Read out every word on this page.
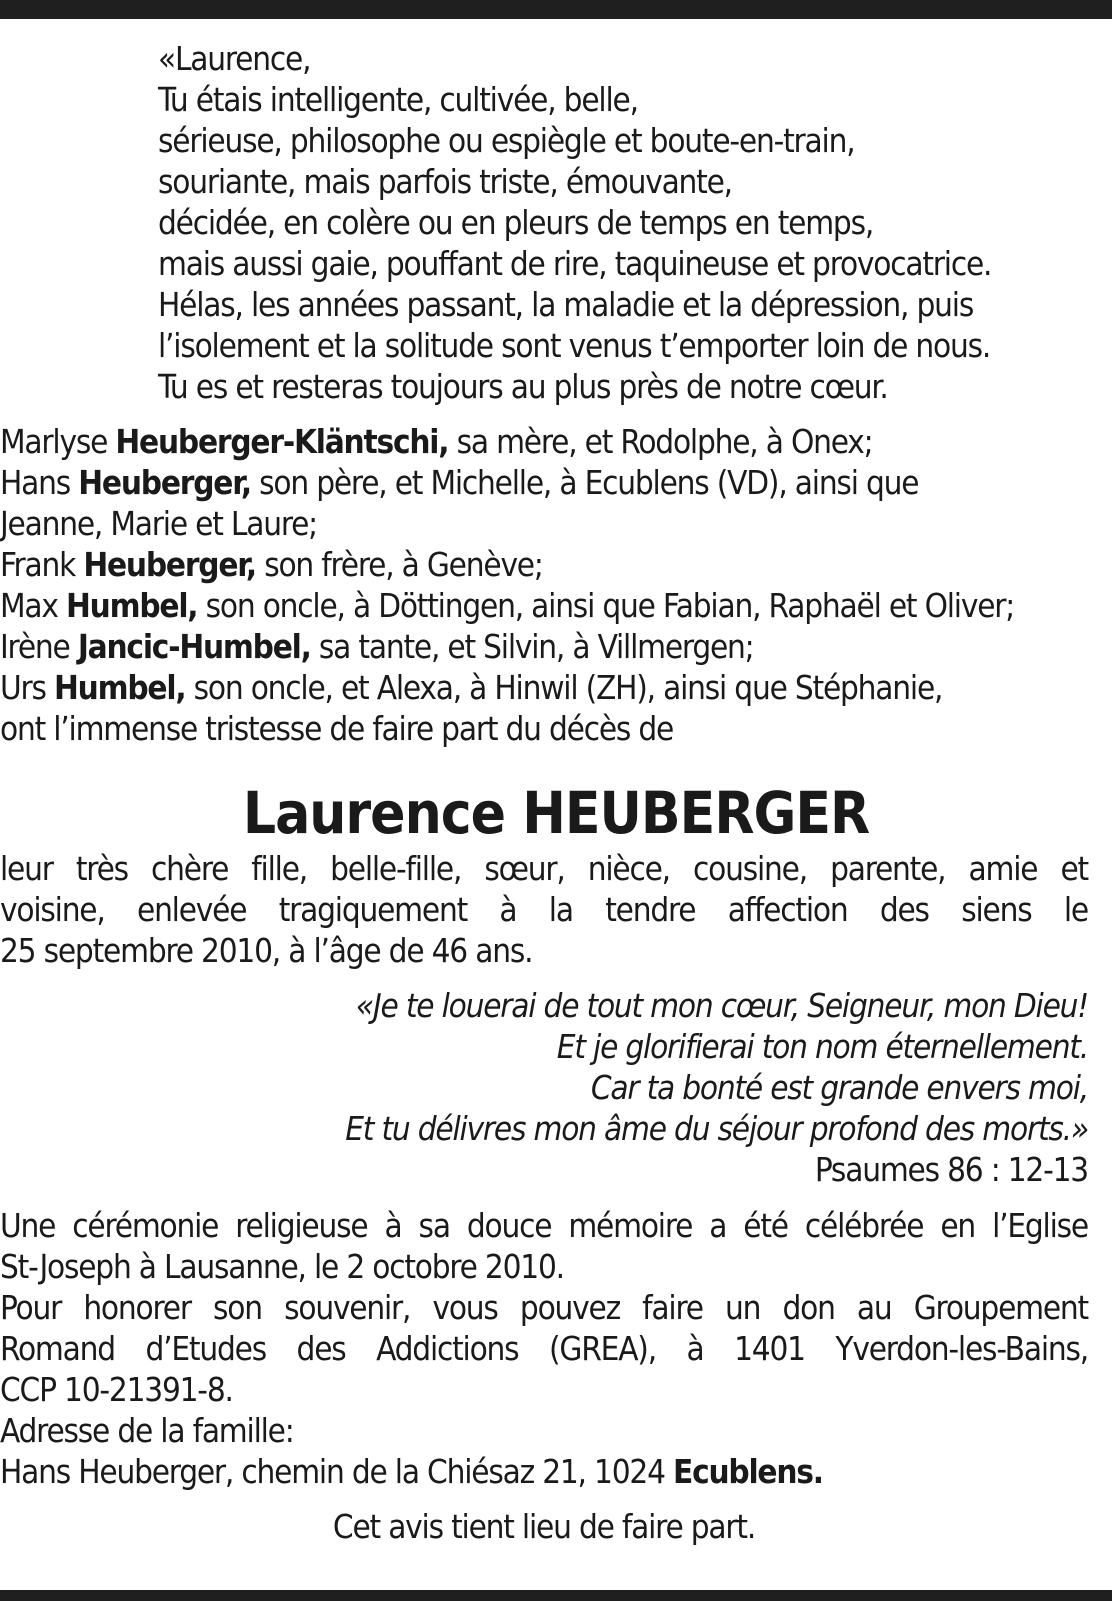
«Laurence,
Tu étais intelligente, cultivée, belle,
sérieuse, philosophe ou espiègle et boute-en-train,
souriante, mais parfois triste, émouvante,
décidée, en colère ou en pleurs de temps en temps,
mais aussi gaie, pouffant de rire, taquineuse et provocatrice.
Hélas, les années passant, la maladie et la dépression, puis
l’isolement et la solitude sont venus t’emporter loin de nous.
Tu es et resteras toujours au plus près de notre cœur.
Marlyse Heuberger-Kläntschi, sa mère, et Rodolphe, à Onex;
Hans Heuberger, son père, et Michelle, à Ecublens (VD), ainsi que
Jeanne, Marie et Laure;
Frank Heuberger, son frère, à Genève;
Max Humbel, son oncle, à Döttingen, ainsi que Fabian, Raphaël et Oliver;
Irène Jancic-Humbel, sa tante, et Silvin, à Villmergen;
Urs Humbel, son oncle, et Alexa, à Hinwil (ZH), ainsi que Stéphanie,
ont l’immense tristesse de faire part du décès de
Laurence HEUBERGER
leur très chère fille, belle-fille, sœur, nièce, cousine, parente, amie et
voisine, enlevée tragiquement à la tendre affection des siens le
25 septembre 2010, à l’âge de 46 ans.
«Je te louerai de tout mon cœur, Seigneur, mon Dieu!
Et je glorifierai ton nom éternellement.
Car ta bonté est grande envers moi,
Et tu délivres mon âme du séjour profond des morts.»
Psaumes 86 : 12-13
Une cérémonie religieuse à sa douce mémoire a été célébrée en l’Eglise
St-Joseph à Lausanne, le 2 octobre 2010.
Pour honorer son souvenir, vous pouvez faire un don au Groupement
Romand d’Etudes des Addictions (GREA), à 1401 Yverdon-les-Bains,
CCP 10-21391-8.
Adresse de la famille:
Hans Heuberger, chemin de la Chiésaz 21, 1024 Ecublens.
Cet avis tient lieu de faire part.
